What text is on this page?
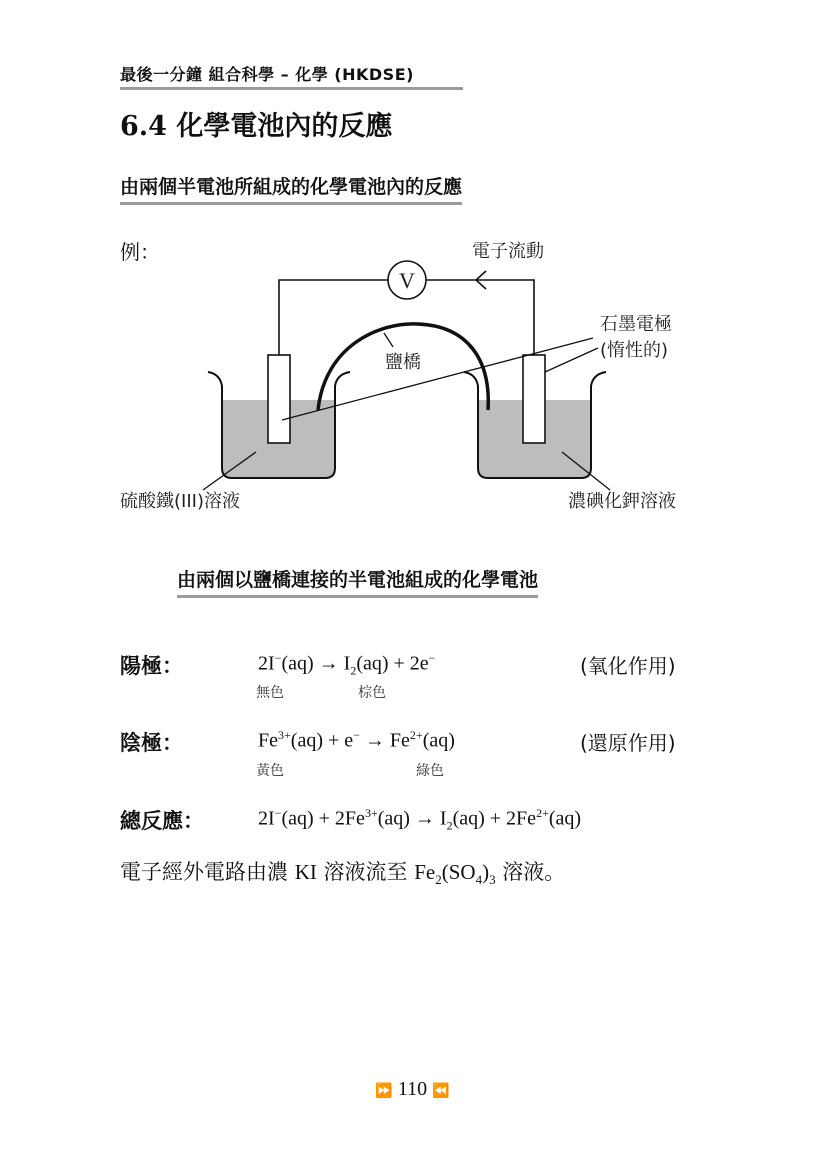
最後一分鐘 組合科學 – 化學 (HKDSE)
6.4 化學電池內的反應
由兩個半電池所組成的化學電池內的反應
例：
V
電子流動
鹽橋
石墨電極
(惰性的)
硫酸鐵(III)溶液	濃碘化鉀溶液
由兩個以鹽橋連接的半電池組成的化學電池
陽極：	$2I^-(aq) \to I_2(aq) + 2e^-$	(氧化作用)
無色	棕色
陰極：	$Fe^{3+}(aq) + e^- \to Fe^{2+}(aq)$	(還原作用)
黃色	綠色
總反應：	$2I^-(aq) + 2Fe^{3+}(aq) \to I_2(aq) + 2Fe^{2+}(aq)$
電子經外電路由濃 KI 溶液流至 $Fe_2(SO_4)_3$ 溶液。
⏩ 110 ⏪
